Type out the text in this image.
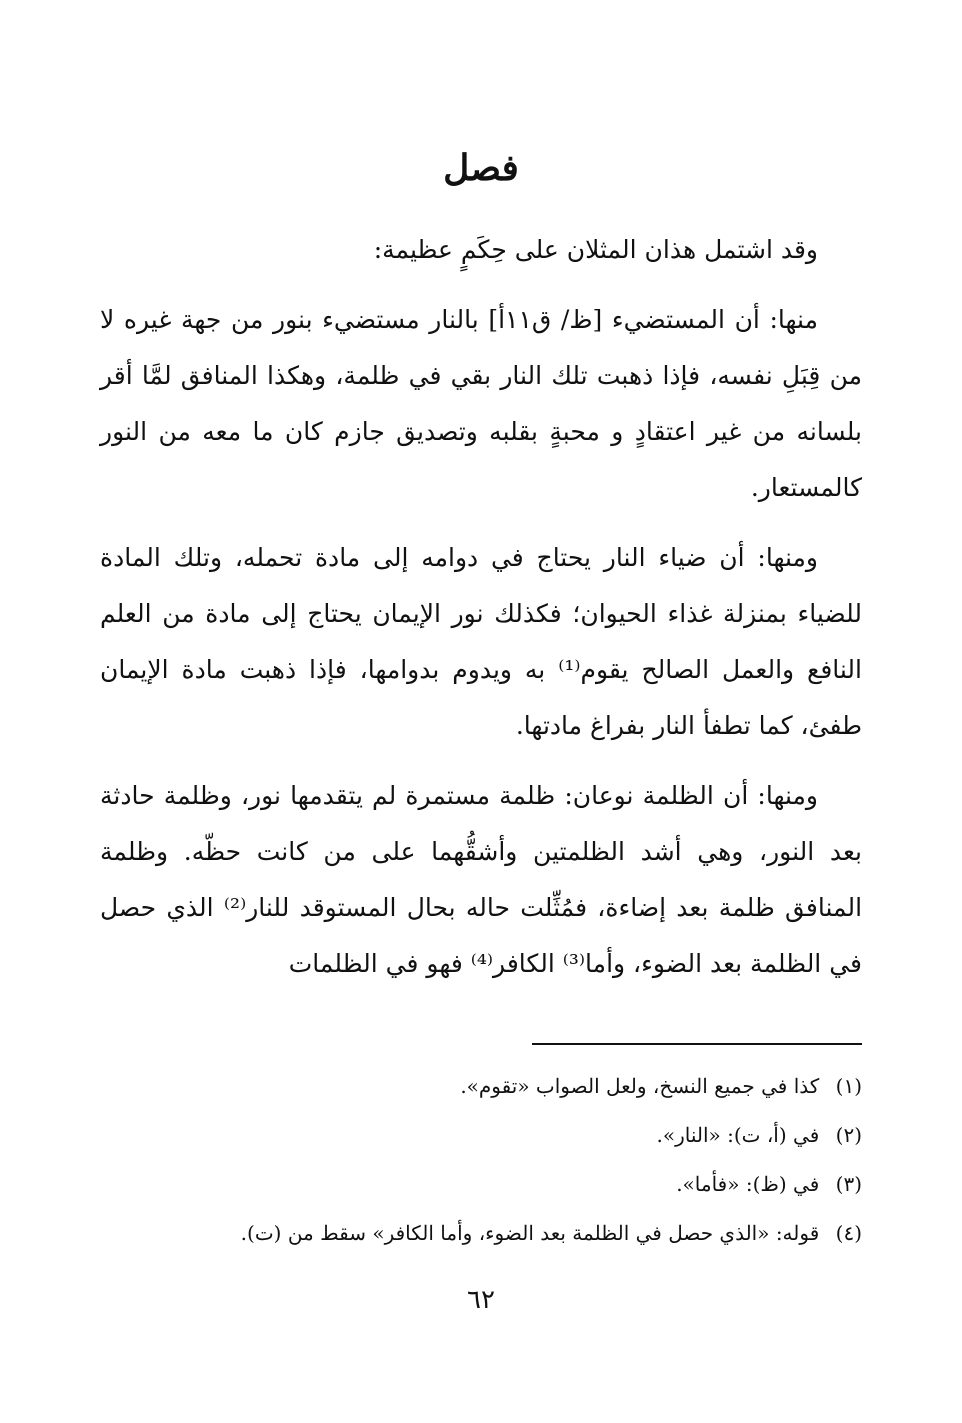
فصل

وقد اشتمل هذان المثلان على حِكَمٍ عظيمة:

منها: أن المستضيء [ظ/ ق١١أ] بالنار مستضيء بنور من جهة غيره لا من قِبَلِ نفسه، فإذا ذهبت تلك النار بقي في ظلمة، وهكذا المنافق لمَّا أقر بلسانه من غير اعتقادٍ و محبةٍ بقلبه وتصديق جازم كان ما معه من النور كالمستعار.

ومنها: أن ضياء النار يحتاج في دوامه إلى مادة تحمله، وتلك المادة للضياء بمنزلة غذاء الحيوان؛ فكذلك نور الإيمان يحتاج إلى مادة من العلم النافع والعمل الصالح يقوم⁽¹⁾ به ويدوم بدوامها، فإذا ذهبت مادة الإيمان طفئ، كما تطفأ النار بفراغ مادتها.

ومنها: أن الظلمة نوعان: ظلمة مستمرة لم يتقدمها نور، وظلمة حادثة بعد النور، وهي أشد الظلمتين وأشقُّهما على من كانت حظّه. وظلمة المنافق ظلمة بعد إضاءة، فمُثِّلت حاله بحال المستوقد للنار⁽²⁾ الذي حصل في الظلمة بعد الضوء، وأما⁽³⁾ الكافر⁽⁴⁾ فهو في الظلمات

(١) كذا في جميع النسخ، ولعل الصواب «تقوم».

(٢) في (أ، ت): «النار».

(٣) في (ظ): «فأما».

(٤) قوله: «الذي حصل في الظلمة بعد الضوء، وأما الكافر» سقط من (ت).

٦٢
